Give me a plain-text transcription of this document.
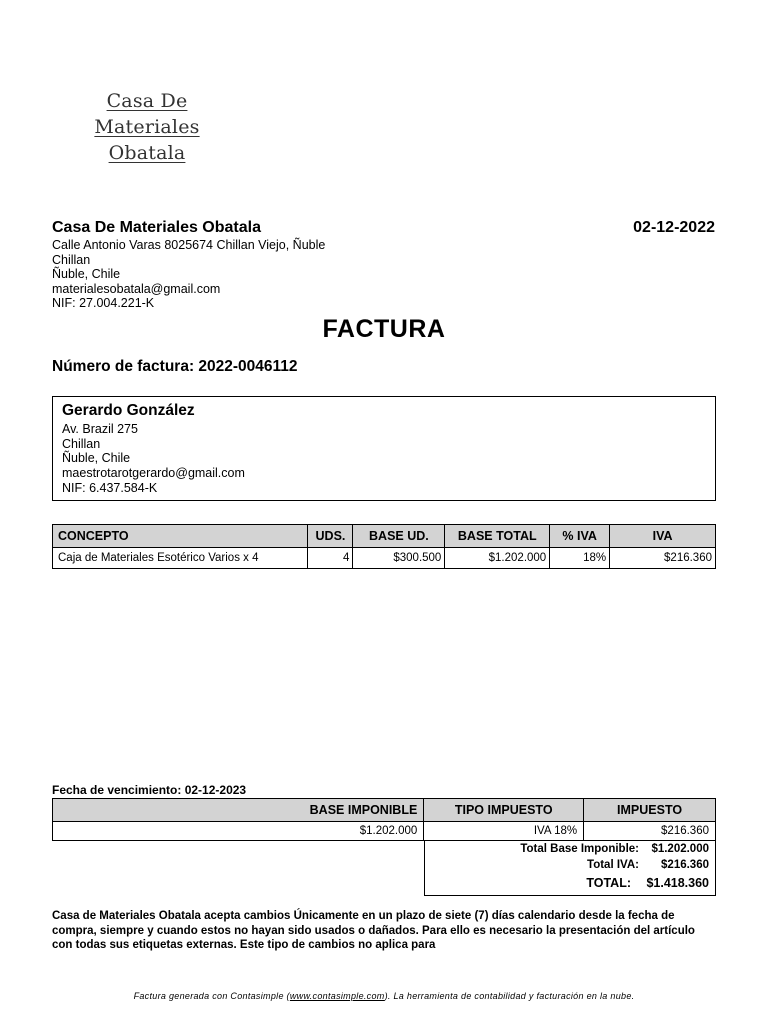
Casa De Materiales
Obatala
Casa De Materiales Obatala
Calle Antonio Varas 8025674 Chillan Viejo, Ñuble
Chillan
Ñuble, Chile
materialesobatala@gmail.com
NIF: 27.004.221-K
02-12-2022
FACTURA
Número de factura: 2022-0046112
Gerardo González
Av. Brazil 275
Chillan
Ñuble, Chile
maestrotarotgerardo@gmail.com
NIF: 6.437.584-K
CONCEPTO	UDS.	BASE UD.	BASE TOTAL	% IVA	IVA
Caja de Materiales Esotérico Varios x 4	4	$300.500	$1.202.000	18%	$216.360
Fecha de vencimiento: 02-12-2023
BASE IMPONIBLE	TIPO IMPUESTO	IMPUESTO
$1.202.000	IVA 18%	$216.360
Total Base Imponible:	$1.202.000
Total IVA:	$216.360
TOTAL:	$1.418.360
Casa de Materiales Obatala acepta cambios Únicamente en un plazo de siete (7) días calendario desde la fecha de compra, siempre y cuando estos no hayan sido usados o dañados. Para ello es necesario la presentación del artículo con todas sus etiquetas externas. Este tipo de cambios no aplica para
Factura generada con Contasimple (www.contasimple.com). La herramienta de contabilidad y facturación en la nube.
